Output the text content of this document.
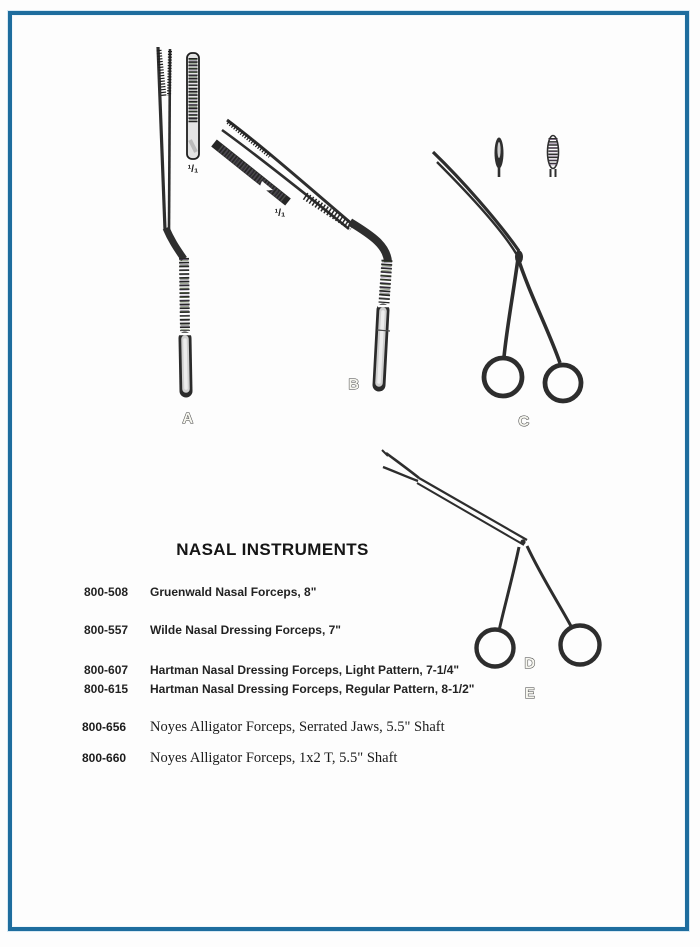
¹/₁
¹/₁
A
B
C
D
E
NASAL INSTRUMENTS
800-508 Gruenwald Nasal Forceps, 8"
800-557 Wilde Nasal Dressing Forceps, 7"
800-607 Hartman Nasal Dressing Forceps, Light Pattern, 7-1/4"
800-615 Hartman Nasal Dressing Forceps, Regular Pattern, 8-1/2"
800-656 Noyes Alligator Forceps, Serrated Jaws, 5.5" Shaft
800-660 Noyes Alligator Forceps, 1x2 T, 5.5" Shaft
